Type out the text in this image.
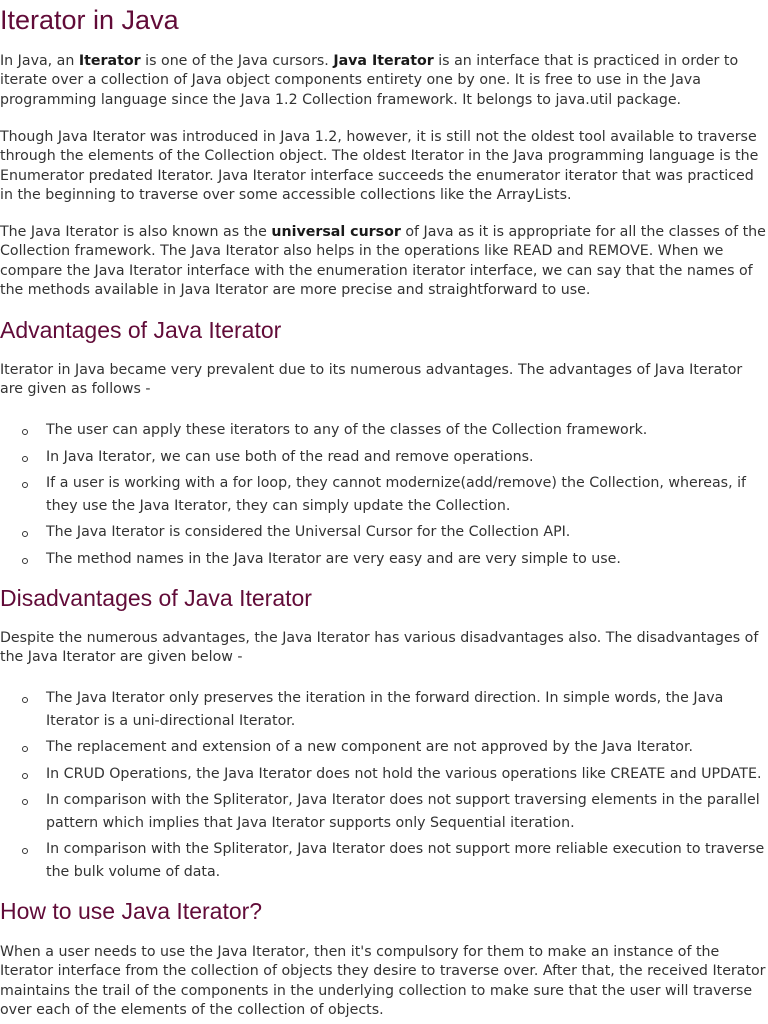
Iterator in Java

In Java, an Iterator is one of the Java cursors. Java Iterator is an interface that is practiced in order to iterate over a collection of Java object components entirety one by one. It is free to use in the Java programming language since the Java 1.2 Collection framework. It belongs to java.util package.

Though Java Iterator was introduced in Java 1.2, however, it is still not the oldest tool available to traverse through the elements of the Collection object. The oldest Iterator in the Java programming language is the Enumerator predated Iterator. Java Iterator interface succeeds the enumerator iterator that was practiced in the beginning to traverse over some accessible collections like the ArrayLists.

The Java Iterator is also known as the universal cursor of Java as it is appropriate for all the classes of the Collection framework. The Java Iterator also helps in the operations like READ and REMOVE. When we compare the Java Iterator interface with the enumeration iterator interface, we can say that the names of the methods available in Java Iterator are more precise and straightforward to use.

Advantages of Java Iterator

Iterator in Java became very prevalent due to its numerous advantages. The advantages of Java Iterator are given as follows -

The user can apply these iterators to any of the classes of the Collection framework.
In Java Iterator, we can use both of the read and remove operations.
If a user is working with a for loop, they cannot modernize(add/remove) the Collection, whereas, if they use the Java Iterator, they can simply update the Collection.
The Java Iterator is considered the Universal Cursor for the Collection API.
The method names in the Java Iterator are very easy and are very simple to use.
Disadvantages of Java Iterator

Despite the numerous advantages, the Java Iterator has various disadvantages also. The disadvantages of the Java Iterator are given below -

The Java Iterator only preserves the iteration in the forward direction. In simple words, the Java Iterator is a uni-directional Iterator.
The replacement and extension of a new component are not approved by the Java Iterator.
In CRUD Operations, the Java Iterator does not hold the various operations like CREATE and UPDATE.
In comparison with the Spliterator, Java Iterator does not support traversing elements in the parallel pattern which implies that Java Iterator supports only Sequential iteration.
In comparison with the Spliterator, Java Iterator does not support more reliable execution to traverse the bulk volume of data.
How to use Java Iterator?

When a user needs to use the Java Iterator, then it's compulsory for them to make an instance of the Iterator interface from the collection of objects they desire to traverse over. After that, the received Iterator maintains the trail of the components in the underlying collection to make sure that the user will traverse over each of the elements of the collection of objects.
